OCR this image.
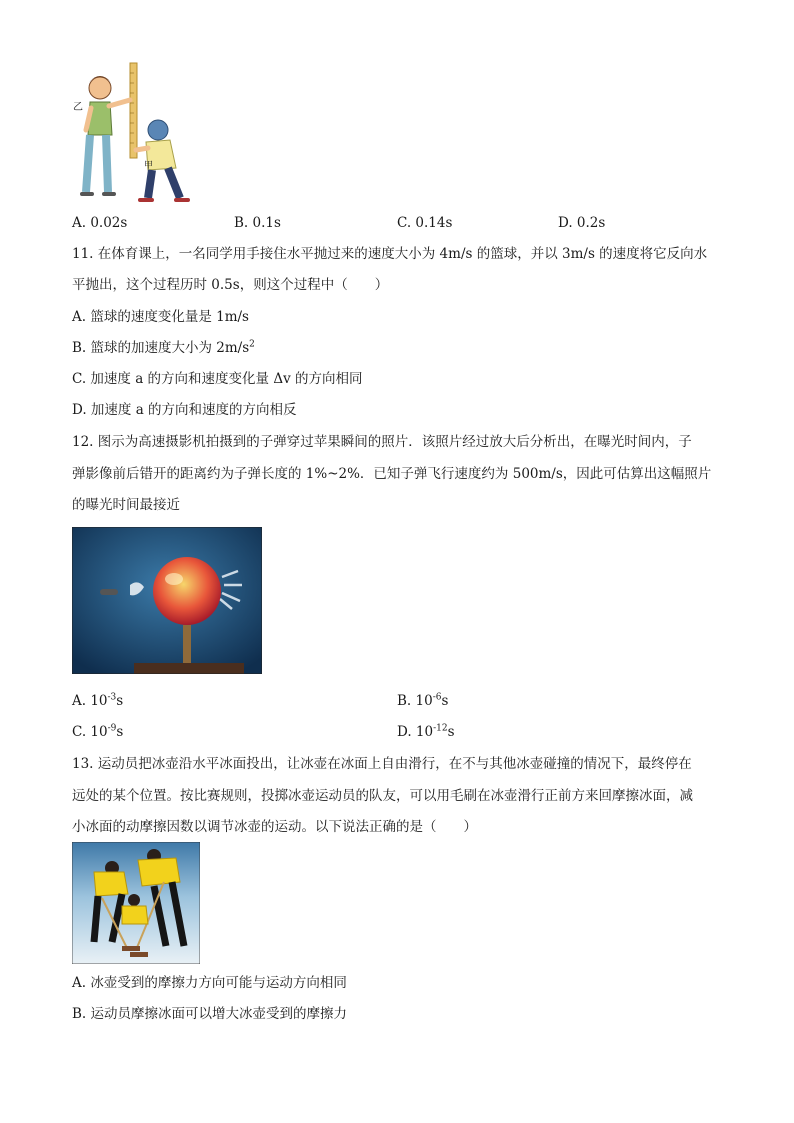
乙
甲
A. 0.02s	B. 0.1s	C. 0.14s	D. 0.2s
11. 在体育课上，一名同学用手接住水平抛过来的速度大小为 4m/s 的篮球，并以 3m/s 的速度将它反向水
平抛出，这个过程历时 0.5s，则这个过程中（　　）
A. 篮球的速度变化量是 1m/s
B. 篮球的加速度大小为 $2m/s^2$
C. 加速度 a 的方向和速度变化量 Δv 的方向相同
D. 加速度 a 的方向和速度的方向相反
12. 图示为高速摄影机拍摄到的子弹穿过苹果瞬间的照片．该照片经过放大后分析出，在曝光时间内，子
弹影像前后错开的距离约为子弹长度的 1%~2%．已知子弹飞行速度约为 500m/s，因此可估算出这幅照片
的曝光时间最接近
A. $10^{-3}s$	B. $10^{-6}s$
C. $10^{-9}s$	D. $10^{-12}s$
13. 运动员把冰壶沿水平冰面投出，让冰壶在冰面上自由滑行，在不与其他冰壶碰撞的情况下，最终停在
远处的某个位置。按比赛规则，投掷冰壶运动员的队友，可以用毛刷在冰壶滑行正前方来回摩擦冰面，减
小冰面的动摩擦因数以调节冰壶的运动。以下说法正确的是（　　）
A. 冰壶受到的摩擦力方向可能与运动方向相同
B. 运动员摩擦冰面可以增大冰壶受到的摩擦力
